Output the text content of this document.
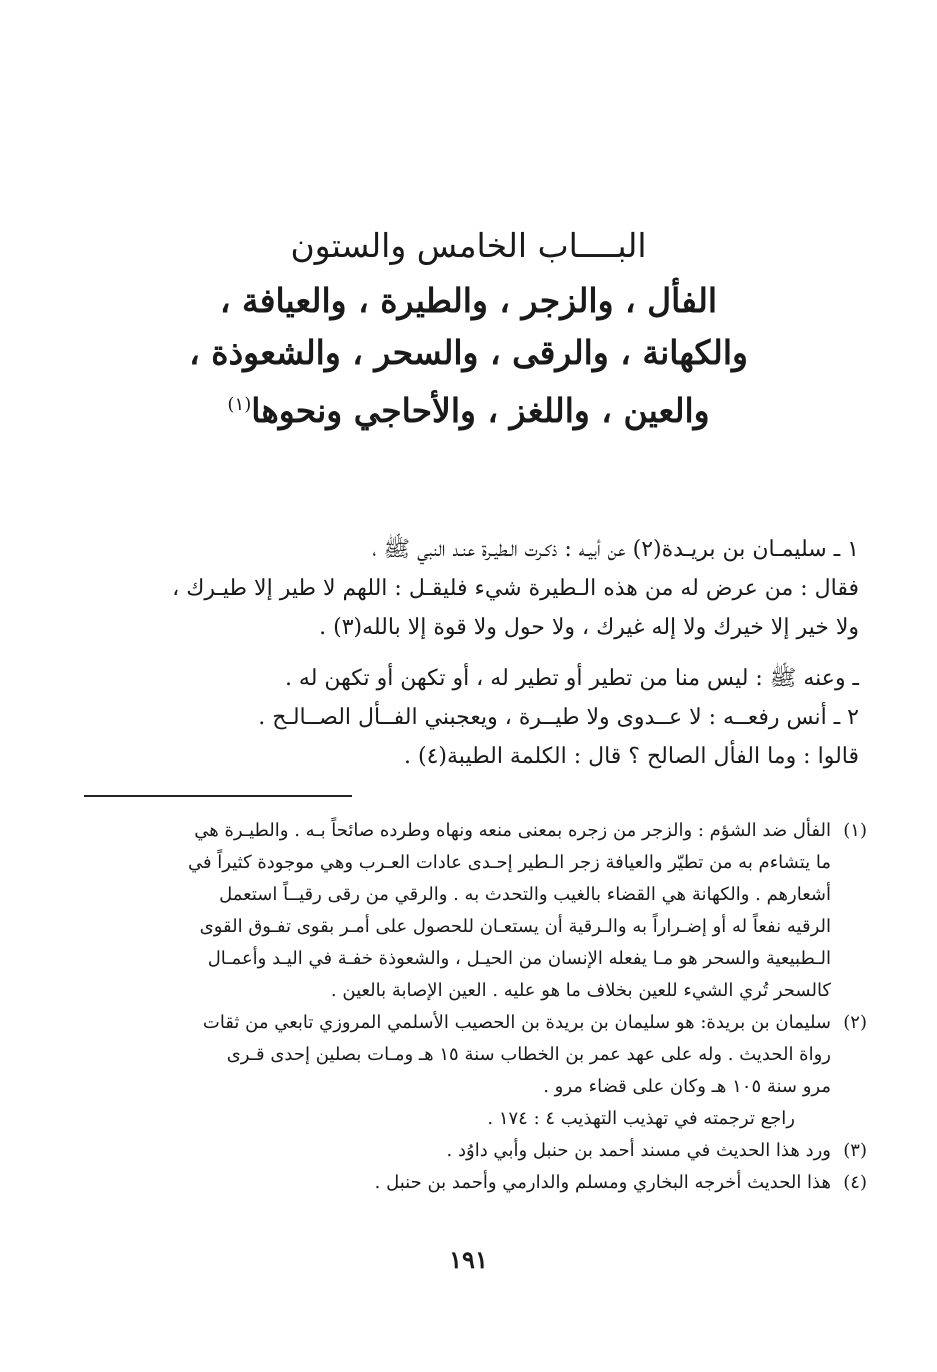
البــــاب الخامس والستون
الفأل ، والزجر ، والطيرة ، والعيافة ،
والكهانة ، والرقى ، والسحر ، والشعوذة ،
والعين ، واللغز ، والأحاجي ونحوها$^{(١)}$

١ ـ سليمـان بن بريـدة(٢) عن أبيـه : ذكـرت الـطيـرة عنـد النبي ﷺ ،

فقال : من عرض له من هذه الـطيرة شيء فليقـل : اللهم لا طير إلا طيـرك ،

ولا خير إلا خيرك ولا إله غيرك ، ولا حول ولا قوة إلا بالله(٣) .

ـ وعنه ﷺ : ليس منا من تطير أو تطير له ، أو تكهن أو تكهن له .

٢ ـ أنس رفعــه : لا عــدوى ولا طيــرة ، ويعجبني الفــأل الصــالـح .

قالوا : وما الفأل الصالح ؟ قال : الكلمة الطيبة(٤) .

(١)
الفأل ضد الشؤم : والزجر من زجره بمعنى منعه ونهاه وطرده صائحاً بـه . والطيـرة هي
ما يتشاءم به من تطيّر والعيافة زجر الـطير إحـدى عادات العـرب وهي موجودة كثيراً في
أشعارهم . والكهانة هي القضاء بالغيب والتحدث به . والرقي من رقى رقيــاً استعمل
الرقيه نفعاً له أو إضـراراً به والـرقية أن يستعـان للحصول على أمـر بقوى تفـوق القوى
الـطبيعية والسحر هو مـا يفعله الإنسان من الحيـل ، والشعوذة خفـة في اليـد وأعمـال
كالسحر تُري الشيء للعين بخلاف ما هو عليه . العين الإصابة بالعين .
(٢)
سليمان بن بريدة: هو سليمان بن بريدة بن الحصيب الأسلمي المروزي تابعي من ثقات
رواة الحديث . وله على عهد عمر بن الخطاب سنة ١٥ هـ ومـات بصلين إحدى قـرى
مرو سنة ١٠٥ هـ وكان على قضاء مرو .
راجع ترجمته في تهذيب التهذيب ٤ : ١٧٤ .
(٣)
ورد هذا الحديث في مسند أحمد بن حنبل وأبي داوُد .
(٤)
هذا الحديث أخرجه البخاري ومسلم والدارمي وأحمد بن حنبل .
١٩١
